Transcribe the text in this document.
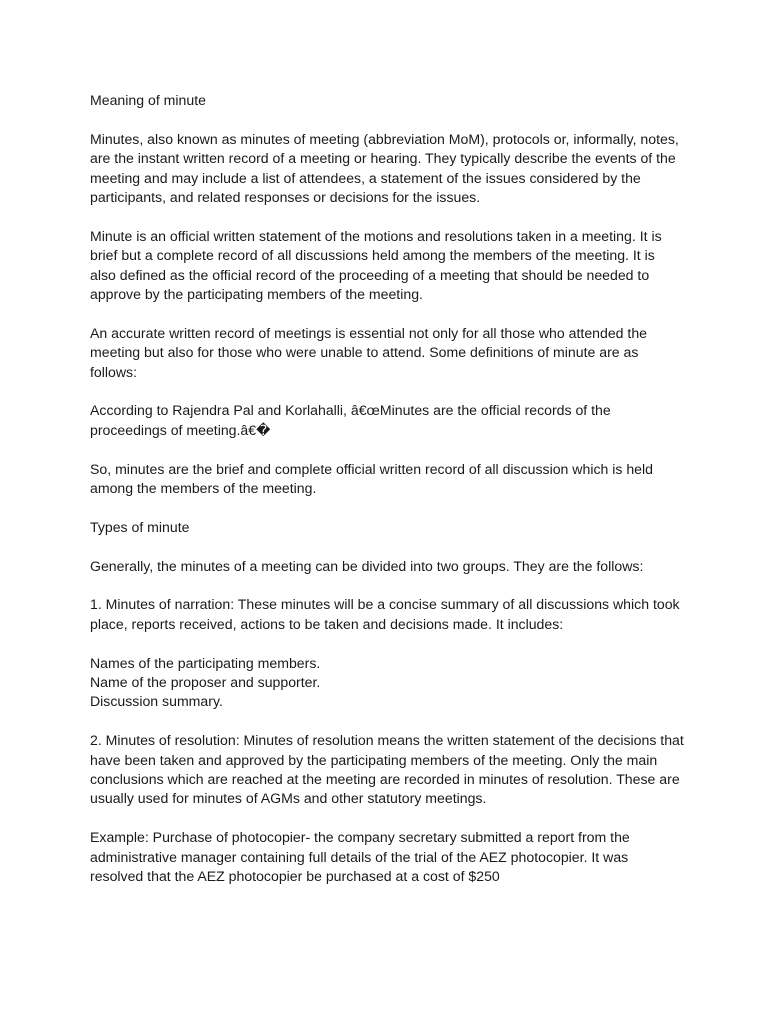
Meaning of minute

Minutes, also known as minutes of meeting (abbreviation MoM), protocols or, informally, notes, are the instant written record of a meeting or hearing. They typically describe the events of the meeting and may include a list of attendees, a statement of the issues considered by the participants, and related responses or decisions for the issues.

Minute is an official written statement of the motions and resolutions taken in a meeting. It is brief but a complete record of all discussions held among the members of the meeting. It is also defined as the official record of the proceeding of a meeting that should be needed to approve by the participating members of the meeting.

An accurate written record of meetings is essential not only for all those who attended the meeting but also for those who were unable to attend. Some definitions of minute are as follows:

According to Rajendra Pal and Korlahalli, â€œMinutes are the official records of the proceedings of meeting.â€�

So, minutes are the brief and complete official written record of all discussion which is held among the members of the meeting.

Types of minute

Generally, the minutes of a meeting can be divided into two groups. They are the follows:

1. Minutes of narration: These minutes will be a concise summary of all discussions which took place, reports received, actions to be taken and decisions made. It includes:

Names of the participating members.
Name of the proposer and supporter.
Discussion summary.

2. Minutes of resolution: Minutes of resolution means the written statement of the decisions that have been taken and approved by the participating members of the meeting. Only the main conclusions which are reached at the meeting are recorded in minutes of resolution. These are usually used for minutes of AGMs and other statutory meetings.

Example: Purchase of photocopier- the company secretary submitted a report from the administrative manager containing full details of the trial of the AEZ photocopier. It was resolved that the AEZ photocopier be purchased at a cost of $250
